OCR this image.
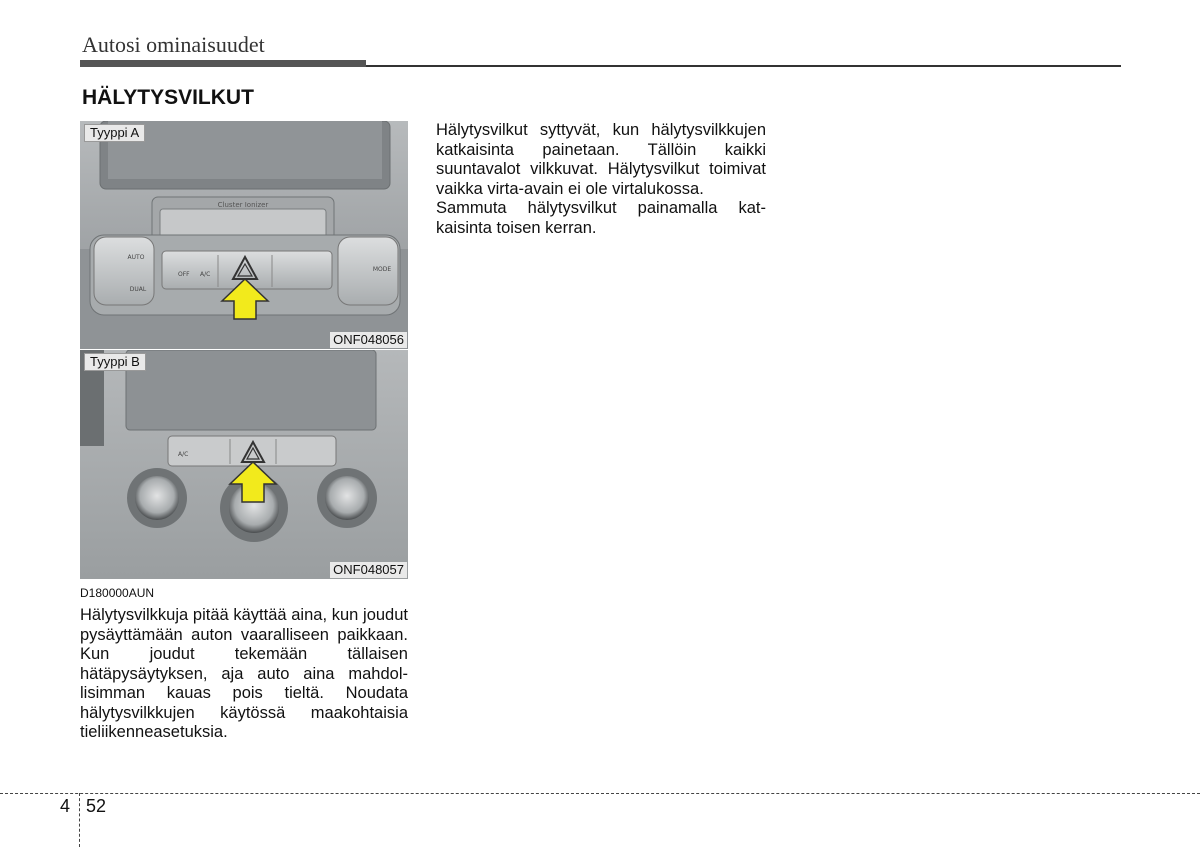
Autosi ominaisuudet
HÄLYTYSVILKUT
Cluster Ionizer
AUTO
DUAL
OFF A/C
MODE
Tyyppi A
ONF048056
A/C
Tyyppi B
ONF048057
D180000AUN

Hälytysvilkkuja pitää käyttää aina, kun joudut pysäyttämään auton vaaralliseen paikkaan. Kun joudut tekemään tällaisen hätäpysäytyksen, aja auto aina mahdollisimman kauas pois tieltä. Noudata hälytysvilkkujen käytössä maakohtaisia tieliikenneasetuksia.

Hälytysvilkut syttyvät, kun hälytysvilkkujen katkaisinta painetaan. Tällöin kaikki suuntavalot vilkkuvat. Hälytysvilkut toimivat vaikka virta-avain ei ole virtalukossa.

Sammuta hälytysvilkut painamalla katkaisinta toisen kerran.

4 52
